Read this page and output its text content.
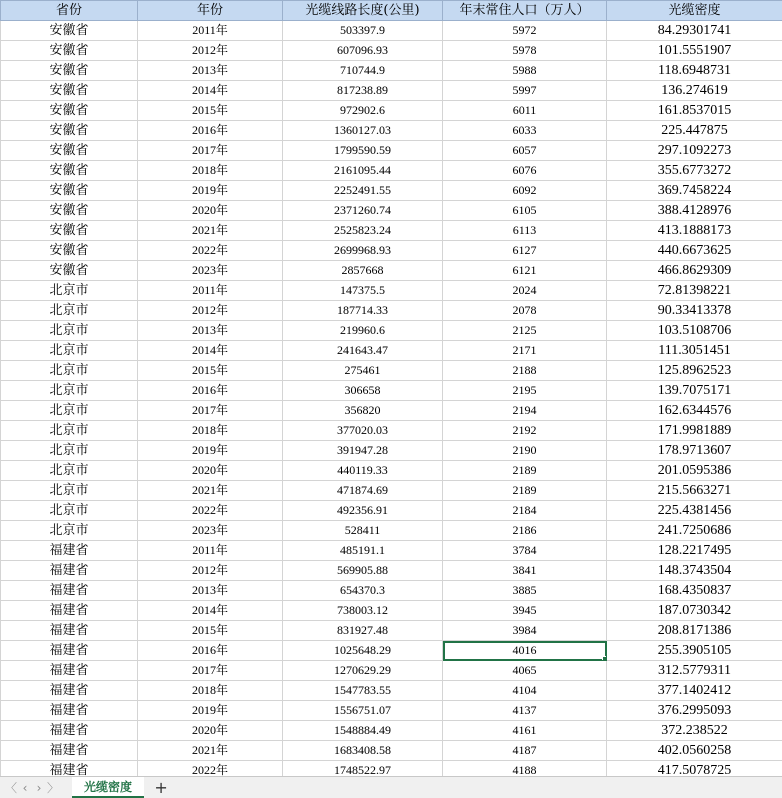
省份	年份	光缆线路长度(公里)	年末常住人口（万人）	光缆密度
安徽省	2011年	503397.9	5972	84.29301741
安徽省	2012年	607096.93	5978	101.5551907
安徽省	2013年	710744.9	5988	118.6948731
安徽省	2014年	817238.89	5997	136.274619
安徽省	2015年	972902.6	6011	161.8537015
安徽省	2016年	1360127.03	6033	225.447875
安徽省	2017年	1799590.59	6057	297.1092273
安徽省	2018年	2161095.44	6076	355.6773272
安徽省	2019年	2252491.55	6092	369.7458224
安徽省	2020年	2371260.74	6105	388.4128976
安徽省	2021年	2525823.24	6113	413.1888173
安徽省	2022年	2699968.93	6127	440.6673625
安徽省	2023年	2857668	6121	466.8629309
北京市	2011年	147375.5	2024	72.81398221
北京市	2012年	187714.33	2078	90.33413378
北京市	2013年	219960.6	2125	103.5108706
北京市	2014年	241643.47	2171	111.3051451
北京市	2015年	275461	2188	125.8962523
北京市	2016年	306658	2195	139.7075171
北京市	2017年	356820	2194	162.6344576
北京市	2018年	377020.03	2192	171.9981889
北京市	2019年	391947.28	2190	178.9713607
北京市	2020年	440119.33	2189	201.0595386
北京市	2021年	471874.69	2189	215.5663271
北京市	2022年	492356.91	2184	225.4381456
北京市	2023年	528411	2186	241.7250686
福建省	2011年	485191.1	3784	128.2217495
福建省	2012年	569905.88	3841	148.3743504
福建省	2013年	654370.3	3885	168.4350837
福建省	2014年	738003.12	3945	187.0730342
福建省	2015年	831927.48	3984	208.8171386
福建省	2016年	1025648.29	4016	255.3905105
福建省	2017年	1270629.29	4065	312.5779311
福建省	2018年	1547783.55	4104	377.1402412
福建省	2019年	1556751.07	4137	376.2995093
福建省	2020年	1548884.49	4161	372.238522
福建省	2021年	1683408.58	4187	402.0560258
福建省	2022年	1748522.97	4188	417.5078725
〈 ‹ › 〉	光缆密度	+
